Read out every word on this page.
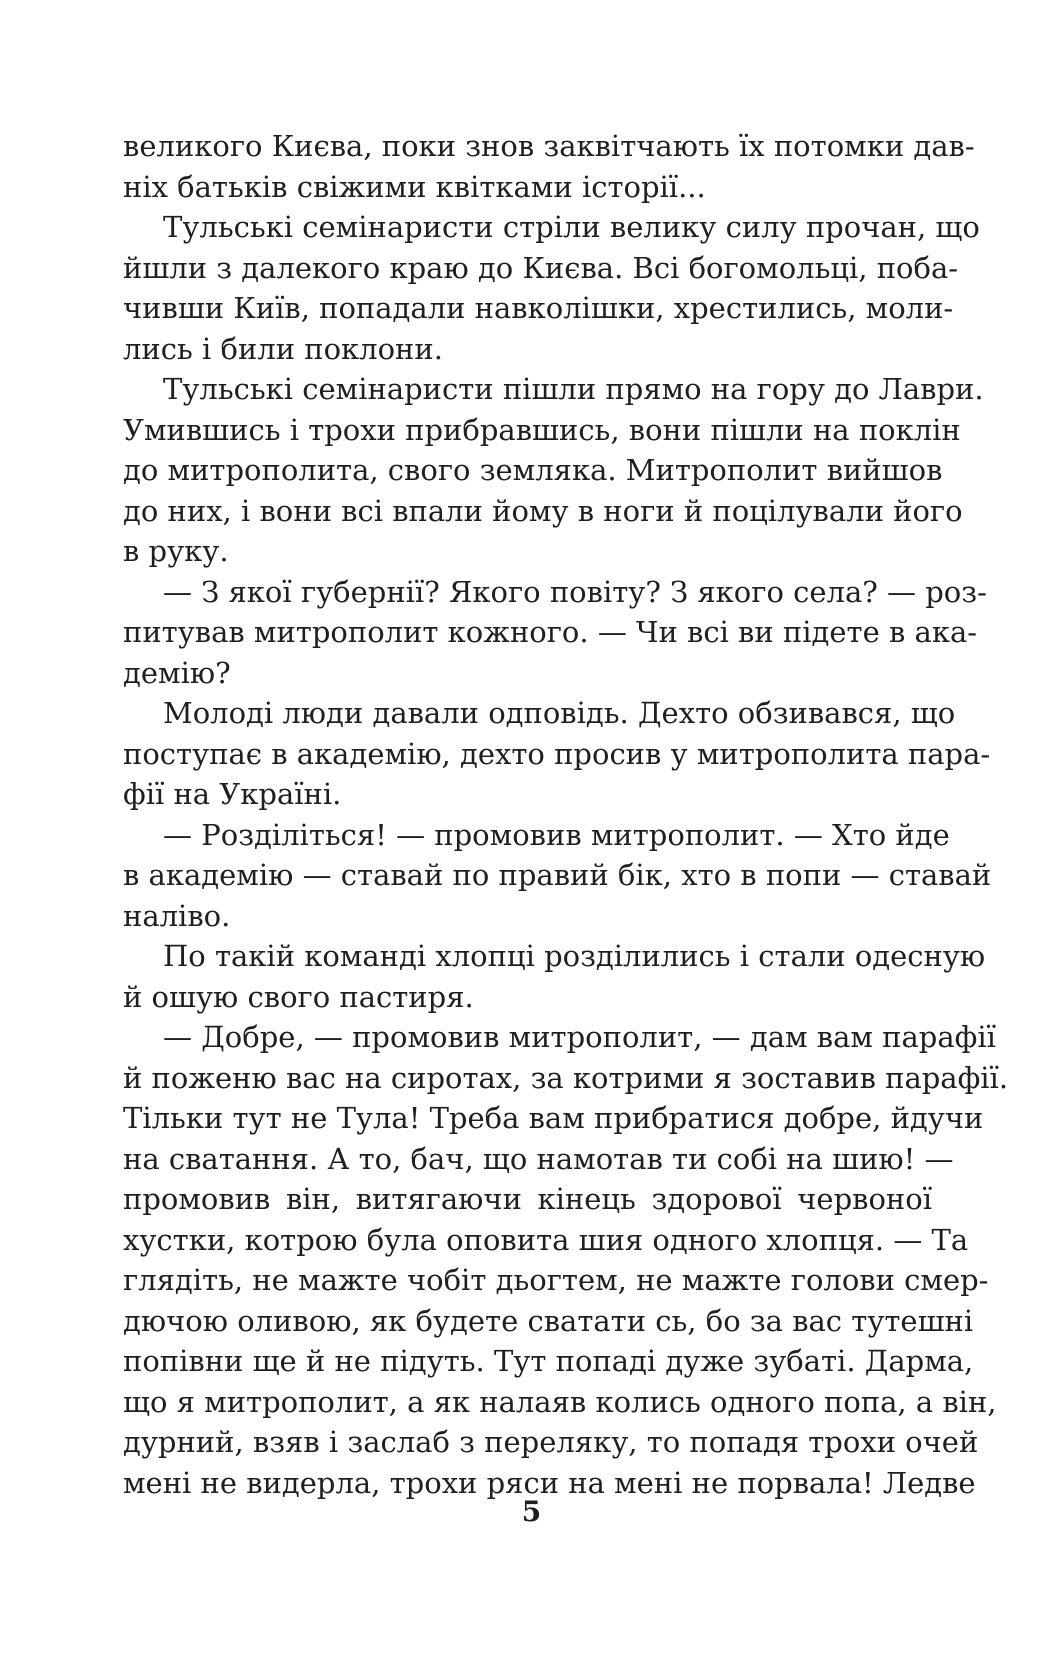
великого Києва, поки знов заквітчають їх потомки дав-
ніх батьків свіжими квітками історії...
Тульські семінаристи стріли велику силу прочан, що
йшли з далекого краю до Києва. Всі богомольці, поба-
чивши Київ, попадали навколішки, хрестились, моли-
лись і били поклони.
Тульські семінаристи пішли прямо на гору до Лаври.
Умившись і трохи прибравшись, вони пішли на поклін
до митрополита, свого земляка. Митрополит вийшов
до них, і вони всі впали йому в ноги й поцілували його
в руку.
— З якої губернії? Якого повіту? З якого села? — роз-
питував митрополит кожного. — Чи всі ви підете в ака-
демію?
Молоді люди давали одповідь. Дехто обзивався, що
поступає в академію, дехто просив у митрополита пара-
фії на Україні.
— Розділіться! — промовив митрополит. — Хто йде
в академію — ставай по правий бік, хто в попи — ставай
наліво.
По такій команді хлопці розділились і стали одесную
й ошую свого пастиря.
— Добре, — промовив митрополит, — дам вам парафії
й поженю вас на сиротах, за котрими я зоставив парафії.
Тільки тут не Тула! Треба вам прибратися добре, йдучи
на сватання. А то, бач, що намотав ти собі на шию! —
промовив він, витягаючи кінець здорової червоної
хустки, котрою була оповита шия одного хлопця. — Та
глядіть, не мажте чобіт дьогтем, не мажте голови смер-
дючою оливою, як будете сватати сь, бо за вас тутешні
попівни ще й не підуть. Тут попаді дуже зубаті. Дарма,
що я митрополит, а як налаяв колись одного попа, а він,
дурний, взяв і заслаб з переляку, то попадя трохи очей
мені не видерла, трохи ряси на мені не порвала! Ледве
5
